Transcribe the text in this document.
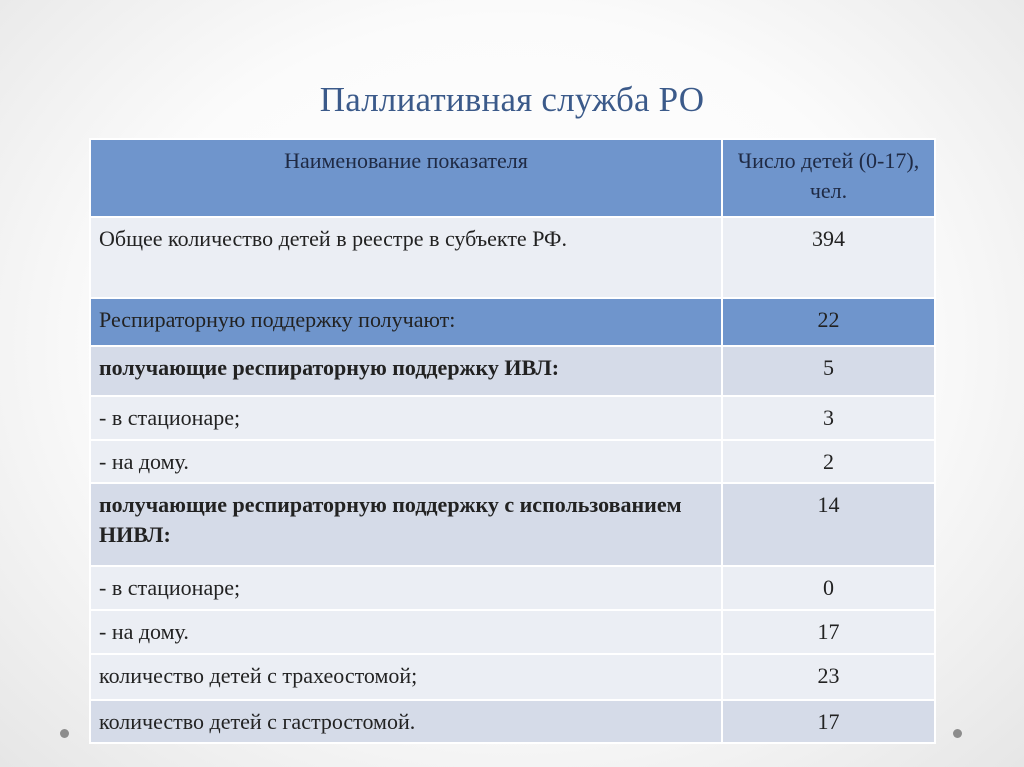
Паллиативная служба РО
Наименование показателя	Число детей (0-17), чел.
Общее количество детей в реестре в субъекте РФ.	394
Респираторную поддержку получают:	22
получающие респираторную поддержку ИВЛ:	5
- в стационаре;	3
- на дому.	2
получающие респираторную поддержку с использованием НИВЛ:	14
- в стационаре;	0
- на дому.	17
количество детей с трахеостомой;	23
количество детей с гастростомой.	17
